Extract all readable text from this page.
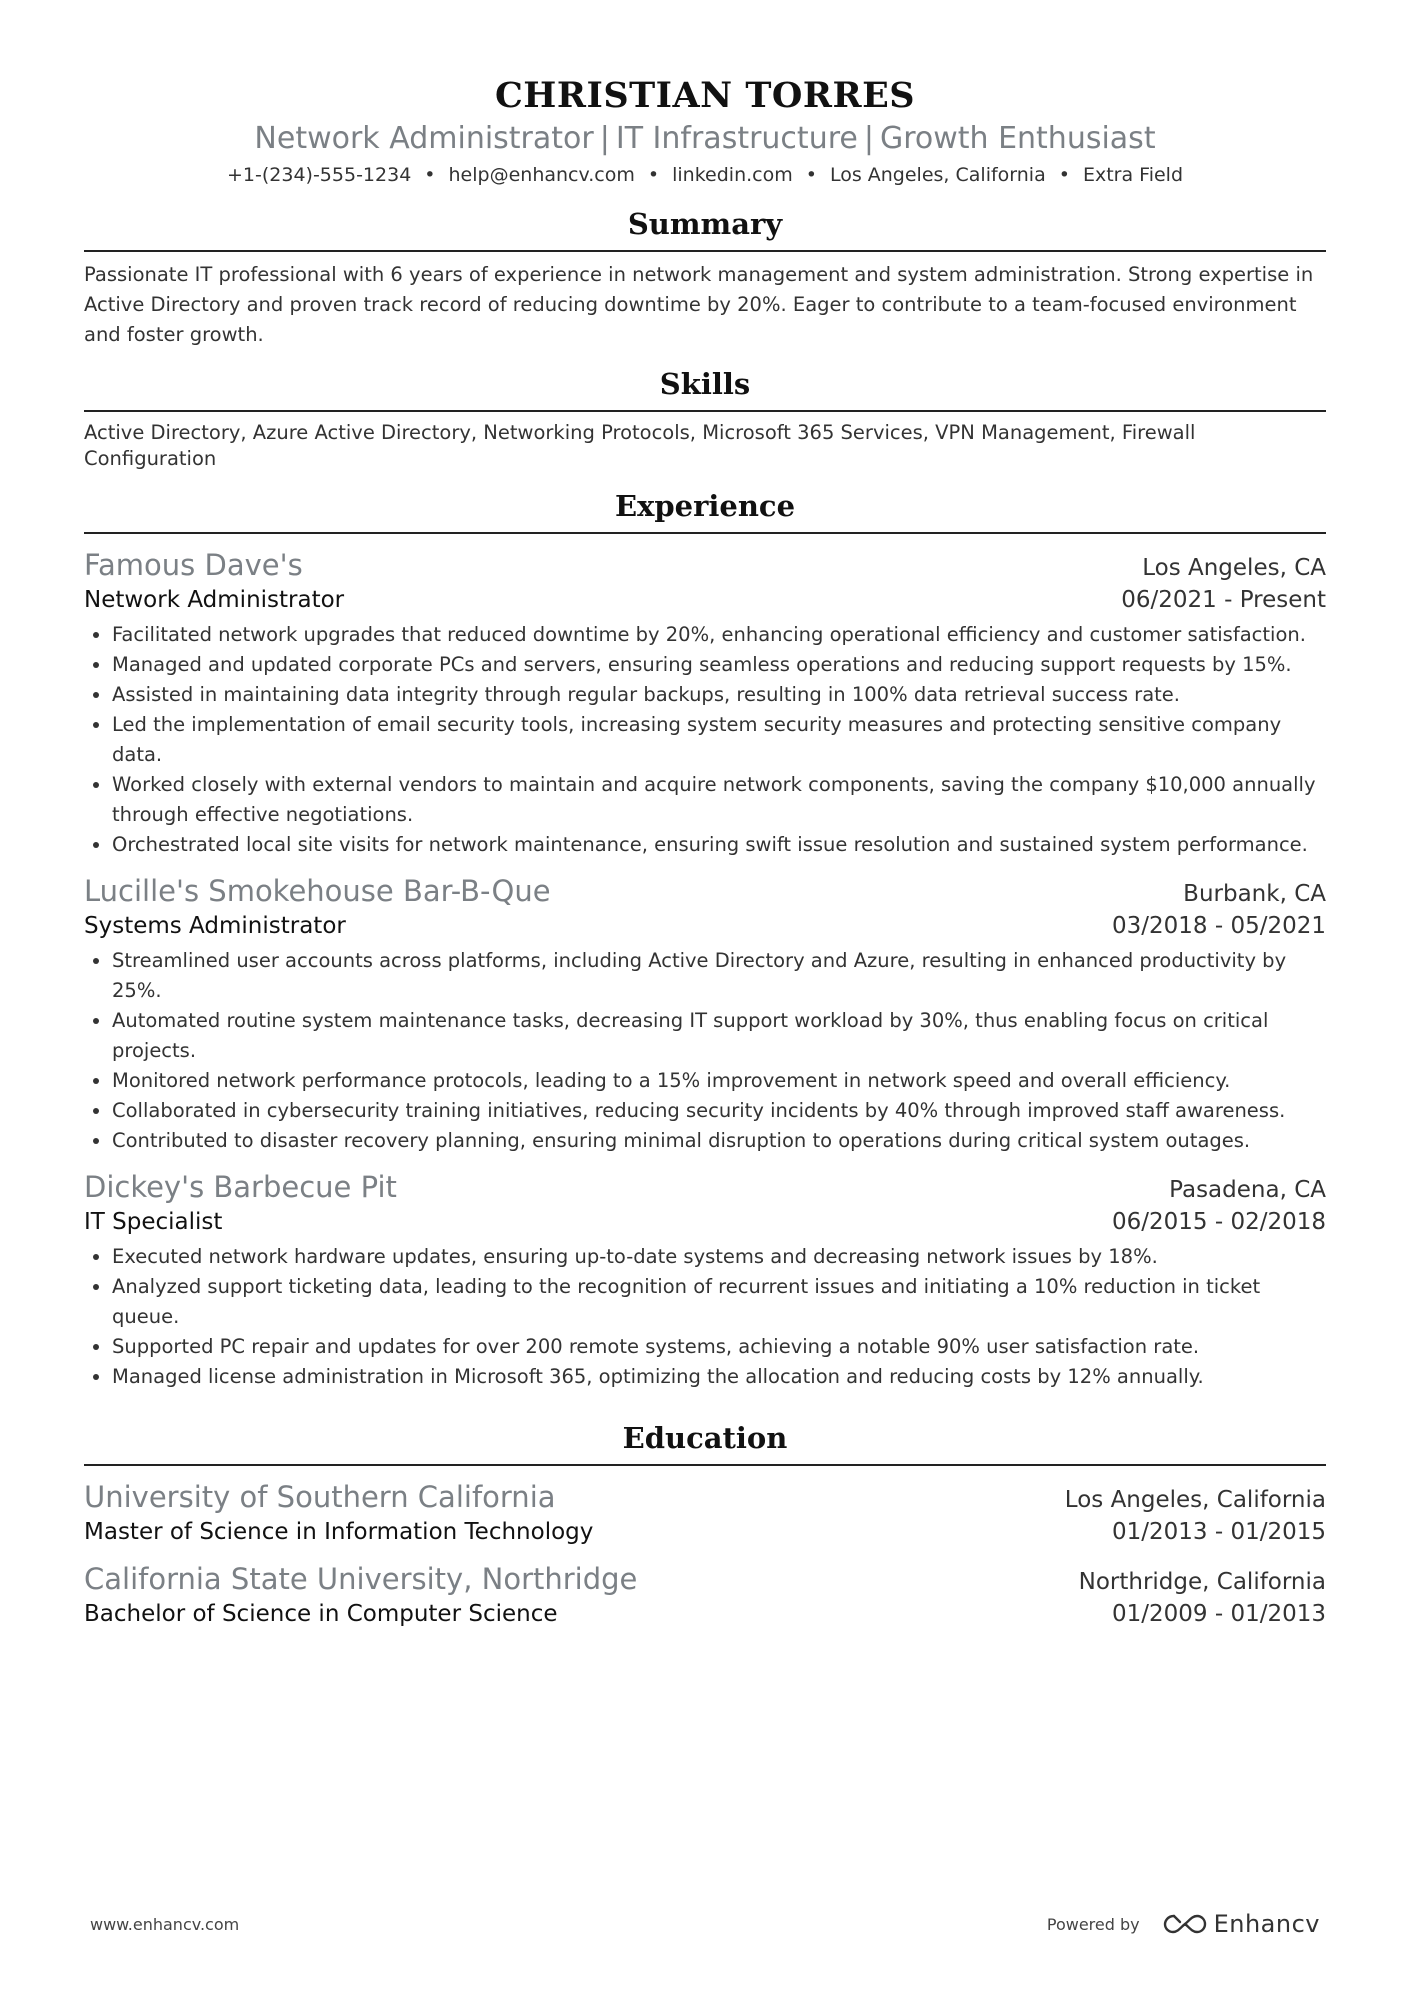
CHRISTIAN TORRES
Network Administrator | IT Infrastructure | Growth Enthusiast
+1-(234)-555-1234 • help@enhancv.com • linkedin.com • Los Angeles, California • Extra Field
Summary
Passionate IT professional with 6 years of experience in network management and system administration. Strong expertise in Active Directory and proven track record of reducing downtime by 20%. Eager to contribute to a team-focused environment and foster growth.
Skills
Active Directory, Azure Active Directory, Networking Protocols, Microsoft 365 Services, VPN Management, Firewall Configuration
Experience
Famous Dave's	Los Angeles, CA
Network Administrator	06/2021 - Present
• Facilitated network upgrades that reduced downtime by 20%, enhancing operational efficiency and customer satisfaction.
• Managed and updated corporate PCs and servers, ensuring seamless operations and reducing support requests by 15%.
• Assisted in maintaining data integrity through regular backups, resulting in 100% data retrieval success rate.
• Led the implementation of email security tools, increasing system security measures and protecting sensitive company data.
• Worked closely with external vendors to maintain and acquire network components, saving the company $10,000 annually through effective negotiations.
• Orchestrated local site visits for network maintenance, ensuring swift issue resolution and sustained system performance.
Lucille's Smokehouse Bar-B-Que	Burbank, CA
Systems Administrator	03/2018 - 05/2021
• Streamlined user accounts across platforms, including Active Directory and Azure, resulting in enhanced productivity by 25%.
• Automated routine system maintenance tasks, decreasing IT support workload by 30%, thus enabling focus on critical projects.
• Monitored network performance protocols, leading to a 15% improvement in network speed and overall efficiency.
• Collaborated in cybersecurity training initiatives, reducing security incidents by 40% through improved staff awareness.
• Contributed to disaster recovery planning, ensuring minimal disruption to operations during critical system outages.
Dickey's Barbecue Pit	Pasadena, CA
IT Specialist	06/2015 - 02/2018
• Executed network hardware updates, ensuring up-to-date systems and decreasing network issues by 18%.
• Analyzed support ticketing data, leading to the recognition of recurrent issues and initiating a 10% reduction in ticket queue.
• Supported PC repair and updates for over 200 remote systems, achieving a notable 90% user satisfaction rate.
• Managed license administration in Microsoft 365, optimizing the allocation and reducing costs by 12% annually.
Education
University of Southern California	Los Angeles, California
Master of Science in Information Technology	01/2013 - 01/2015
California State University, Northridge	Northridge, California
Bachelor of Science in Computer Science	01/2009 - 01/2013
www.enhancv.com	Powered by	Enhancv
